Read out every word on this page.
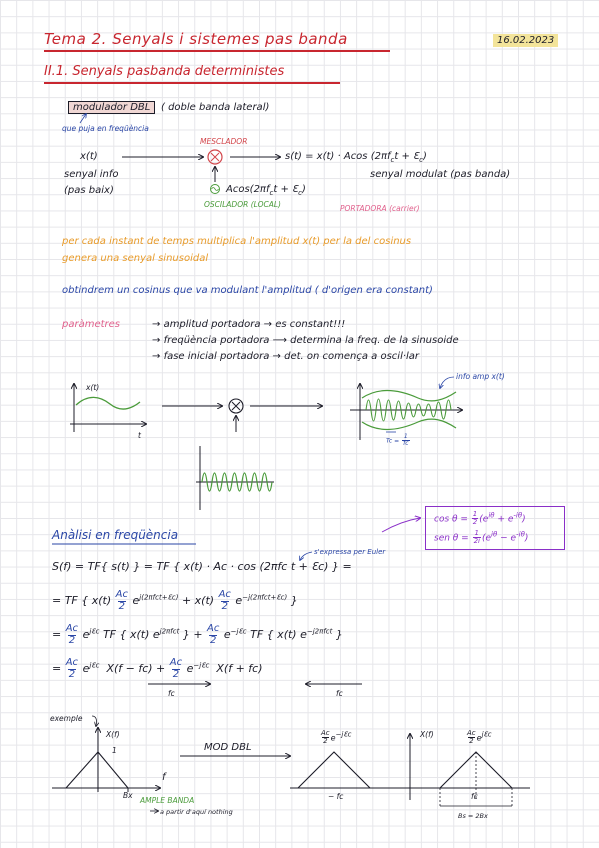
Tema 2. Senyals i sistemes pas banda	16.02.2023
II.1. Senyals pasbanda deterministes
modulador DBL	( doble banda lateral)
que puja en freqüència
MESCLADOR
x(t)
senyal info
(pas baix)
s(t) = x(t) · Acos ($2\pi f_ct$ + $Ɛ_c$)
senyal modulat (pas banda)
$Acos(2\pi f_ct$ + $Ɛ_c$)
OSCILADOR (LOCAL)	PORTADORA (carrier)
per cada instant de temps multiplica l'amplitud x(t) per la del cosinus
genera una senyal sinusoidal
obtindrem un cosinus que va modulant l'amplitud ( d'origen era constant)
paràmetres	→ amplitud portadora → es constant!!!
→ freqüència portadora ⟶ determina la freq. de la sinusoide
→ fase inicial portadora → det. on comença a oscil·lar
x(t)
t
info amp x(t)
$Tc = \frac{1}{fc}$
$\cos \theta = \frac{1}{2} (e^{i\theta} + e^{-i\theta})$
sen $\theta = \frac{1}{2i} (e^{i\theta} - e^{-i\theta})$
s'expressa per Euler
Anàlisi en freqüència
S(f) = TF{ s(t) } = TF { x(t) · Ac · cos (2πfc t + Ɛc) } =
= TF { $x(t) \frac{Ac}{2} e^{j(2\pi fct+Ɛc)} + x(t) \frac{Ac}{2} e^{-j(2\pi fct+Ɛc)}$ }
= $\frac{Ac}{2} e^{jƐc}$ TF { x(t) $e^{j2\pi fct}$ } + $\frac{Ac}{2} e^{-jƐc}$ TF { x(t) $e^{-j2\pi fct}$ }
= $\frac{Ac}{2} e^{jƐc}$ $X(f - fc) + \frac{Ac}{2} e^{-jƐc}$ X(f + fc)
fc	fc
exemple
X(f)
1
f
Bx
AMPLE BANDA
a partir d'aquí nothing
MOD DBL
$\frac{Ac}{2}$ e−jƐc	X(f)	$\frac{Ac}{2}$ ejƐc
− fc	fc
Bs = 2Bx
